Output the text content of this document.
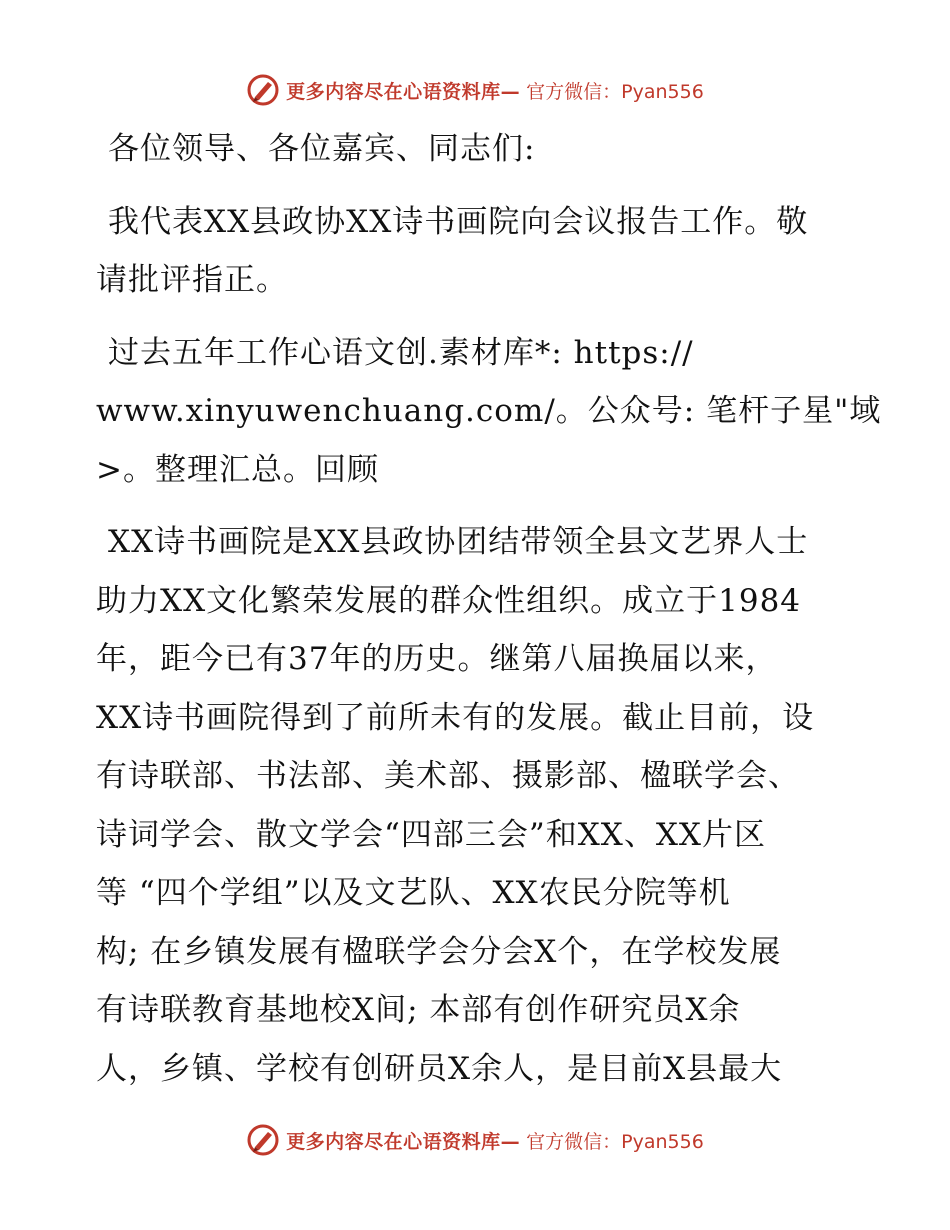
更多内容尽在心语资料库— 官方微信：Pyan556

各位领导、各位嘉宾、同志们:

我代表XX县政协XX诗书画院向会议报告工作。敬
请批评指正。

过去五年工作心语文创.素材库*: https://
www.xinyuwenchuang.com/。公众号: 笔杆子星"域
>。整理汇总。回顾

XX诗书画院是XX县政协团结带领全县文艺界人士
助力XX文化繁荣发展的群众性组织。成立于1984
年，距今已有37年的历史。继第八届换届以来，
XX诗书画院得到了前所未有的发展。截止目前，设
有诗联部、书法部、美术部、摄影部、楹联学会、
诗词学会、散文学会“四部三会”和XX、XX片区
等 “四个学组”以及文艺队、XX农民分院等机
构; 在乡镇发展有楹联学会分会X个，在学校发展
有诗联教育基地校X间; 本部有创作研究员X余
人，乡镇、学校有创研员X余人，是目前X县最大

更多内容尽在心语资料库— 官方微信：Pyan556
